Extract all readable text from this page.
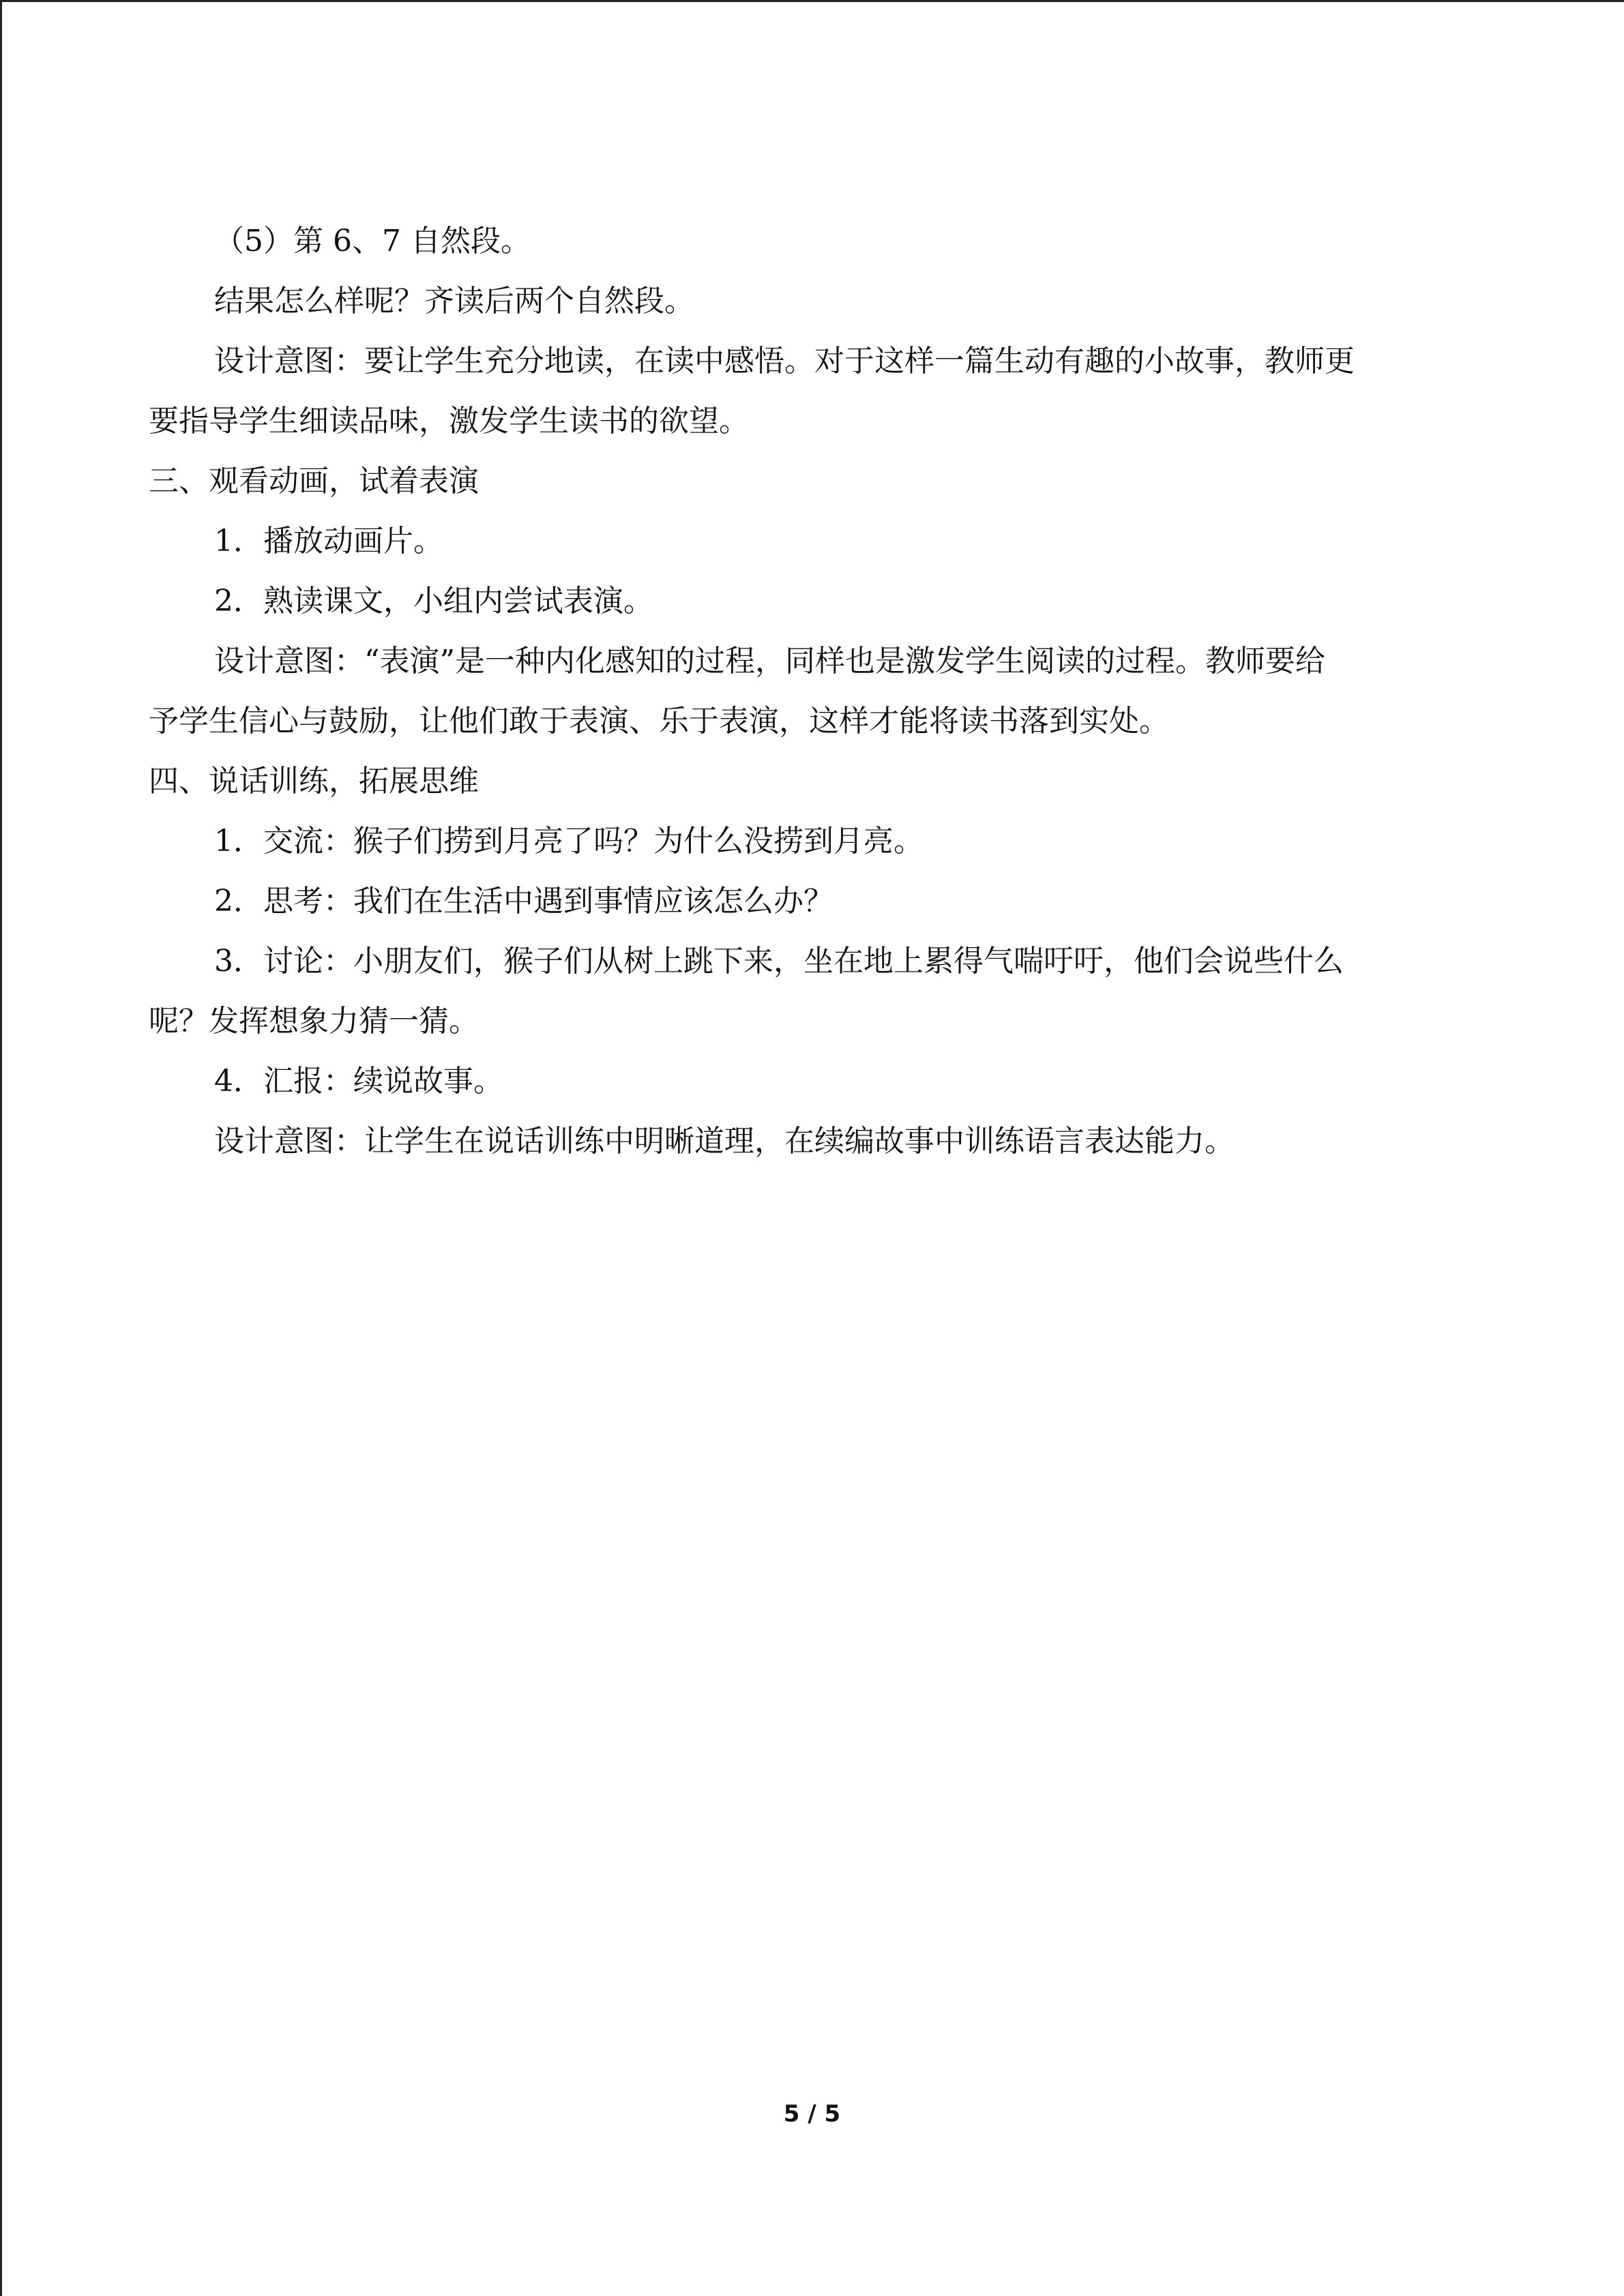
（5）第 6、7 自然段。
结果怎么样呢？齐读后两个自然段。
设计意图：要让学生充分地读，在读中感悟。对于这样一篇生动有趣的小故事，教师更
要指导学生细读品味，激发学生读书的欲望。
三、观看动画，试着表演
1．播放动画片。
2．熟读课文，小组内尝试表演。
设计意图：“表演”是一种内化感知的过程，同样也是激发学生阅读的过程。教师要给
予学生信心与鼓励，让他们敢于表演、乐于表演，这样才能将读书落到实处。
四、说话训练，拓展思维
1．交流：猴子们捞到月亮了吗？为什么没捞到月亮。
2．思考：我们在生活中遇到事情应该怎么办？
3．讨论：小朋友们，猴子们从树上跳下来，坐在地上累得气喘吁吁，他们会说些什么
呢？发挥想象力猜一猜。
4．汇报：续说故事。
设计意图：让学生在说话训练中明晰道理，在续编故事中训练语言表达能力。
5 / 5
